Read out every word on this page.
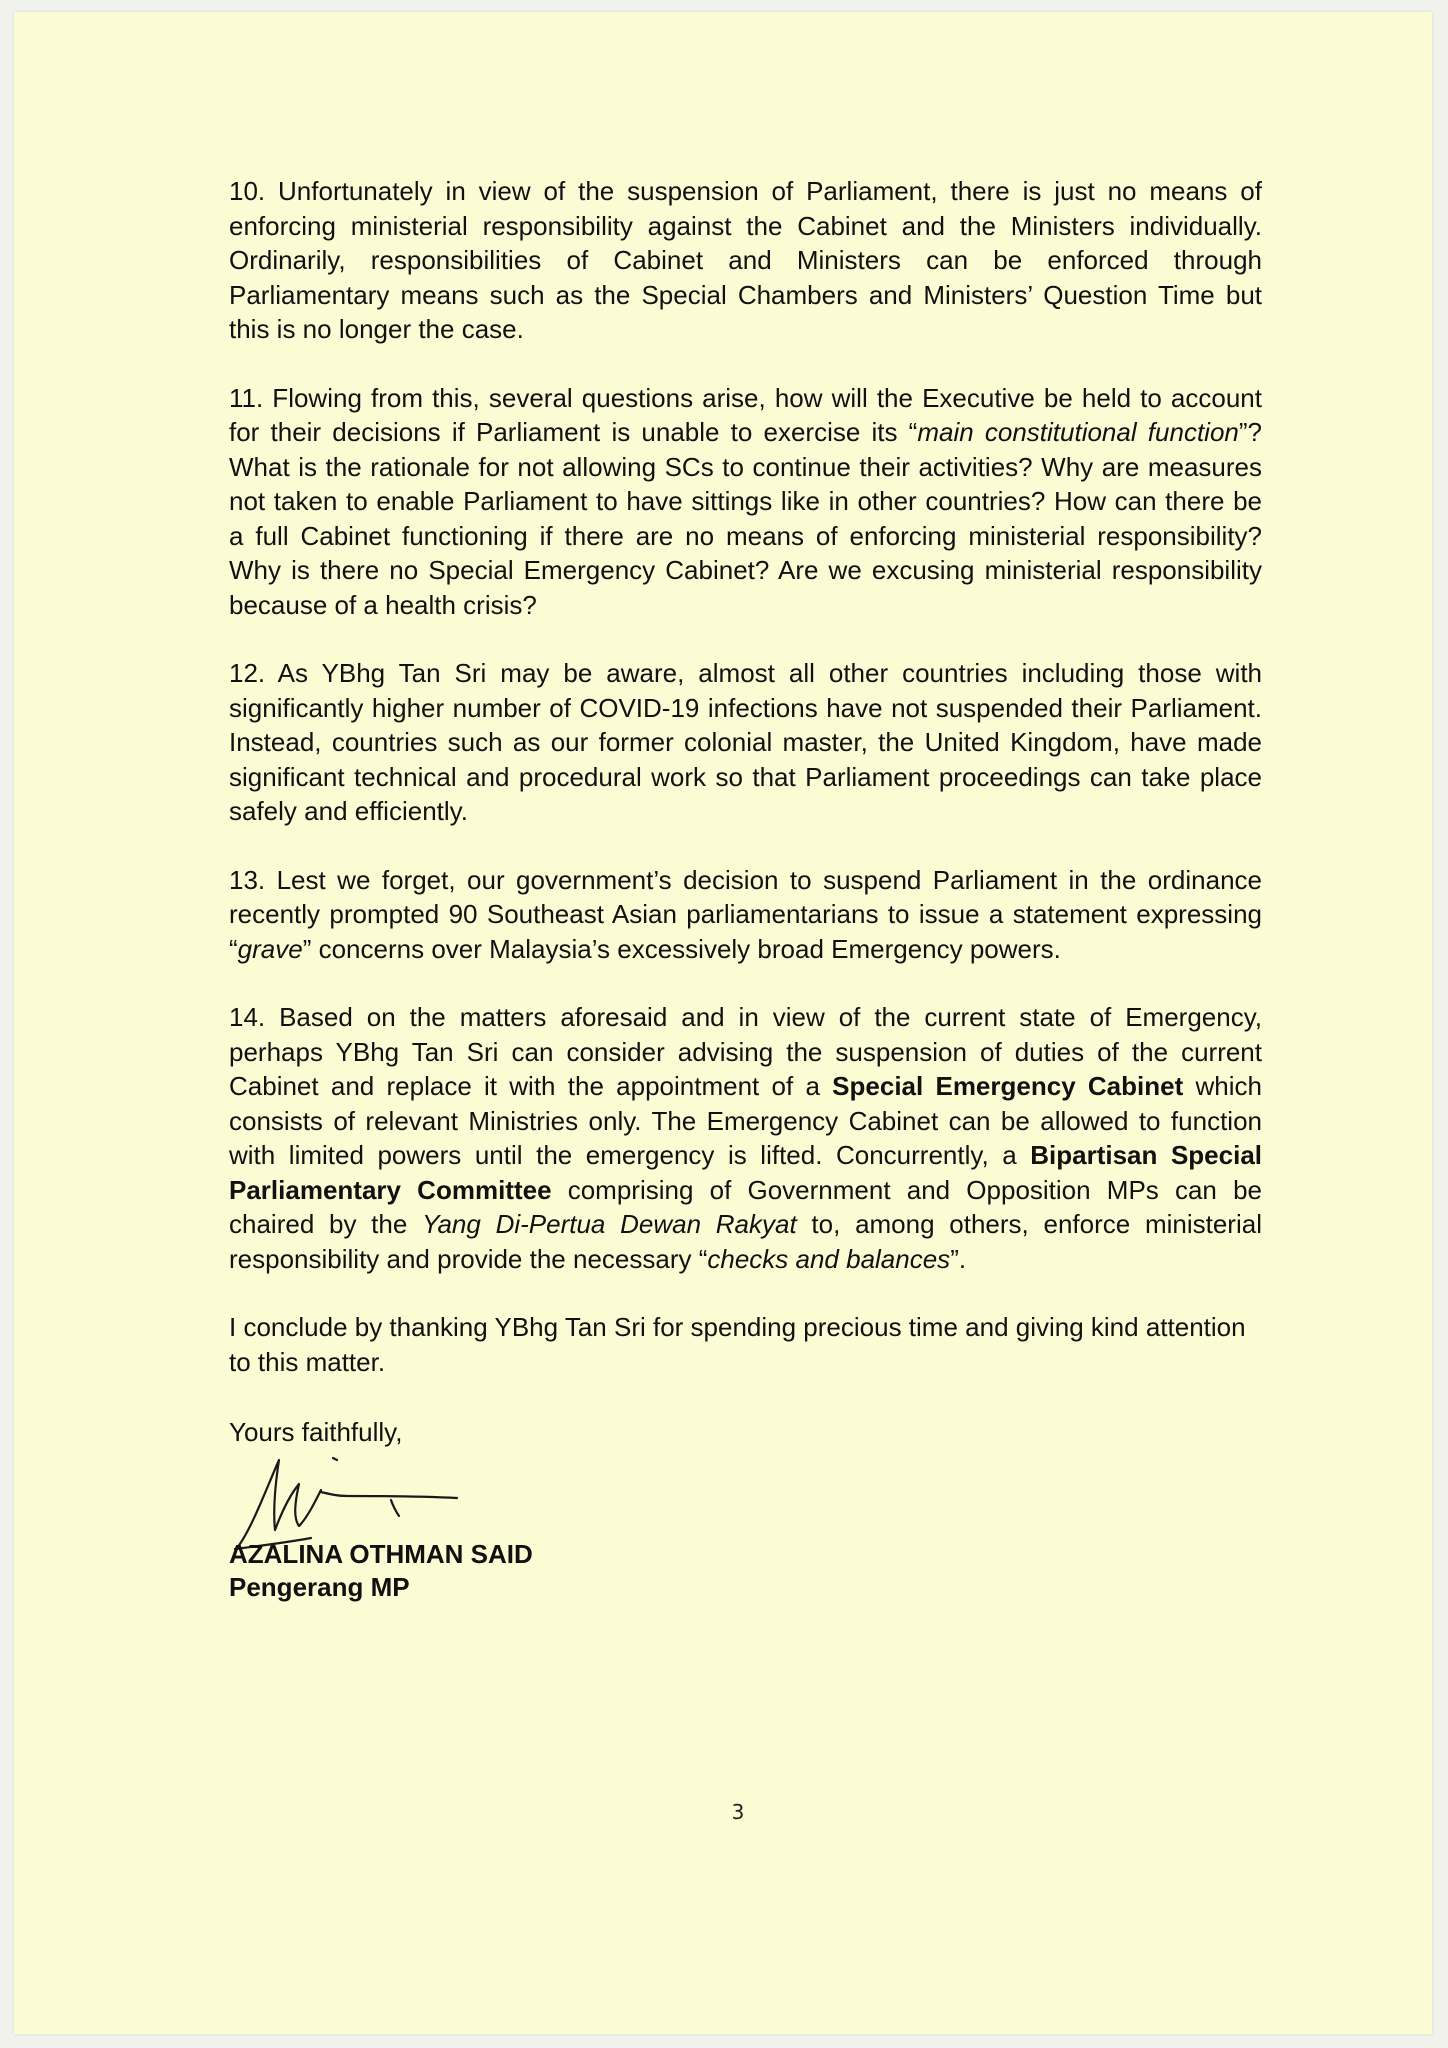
10. Unfortunately in view of the suspension of Parliament, there is just no means of enforcing ministerial responsibility against the Cabinet and the Ministers individually. Ordinarily, responsibilities of Cabinet and Ministers can be enforced through Parliamentary means such as the Special Chambers and Ministers’ Question Time but this is no longer the case.

11. Flowing from this, several questions arise, how will the Executive be held to account for their decisions if Parliament is unable to exercise its “main constitutional function”? What is the rationale for not allowing SCs to continue their activities? Why are measures not taken to enable Parliament to have sittings like in other countries? How can there be a full Cabinet functioning if there are no means of enforcing ministerial responsibility? Why is there no Special Emergency Cabinet? Are we excusing ministerial responsibility because of a health crisis?

12. As YBhg Tan Sri may be aware, almost all other countries including those with significantly higher number of COVID-19 infections have not suspended their Parliament. Instead, countries such as our former colonial master, the United Kingdom, have made significant technical and procedural work so that Parliament proceedings can take place safely and efficiently.

13. Lest we forget, our government’s decision to suspend Parliament in the ordinance recently prompted 90 Southeast Asian parliamentarians to issue a statement expressing “grave” concerns over Malaysia’s excessively broad Emergency powers.

14. Based on the matters aforesaid and in view of the current state of Emergency, perhaps YBhg Tan Sri can consider advising the suspension of duties of the current Cabinet and replace it with the appointment of a Special Emergency Cabinet which consists of relevant Ministries only. The Emergency Cabinet can be allowed to function with limited powers until the emergency is lifted. Concurrently, a Bipartisan Special Parliamentary Committee comprising of Government and Opposition MPs can be chaired by the Yang Di-Pertua Dewan Rakyat to, among others, enforce ministerial responsibility and provide the necessary “checks and balances”.

I conclude by thanking YBhg Tan Sri for spending precious time and giving kind attention to this matter.

Yours faithfully,
AZALINA OTHMAN SAID
Pengerang MP
3
